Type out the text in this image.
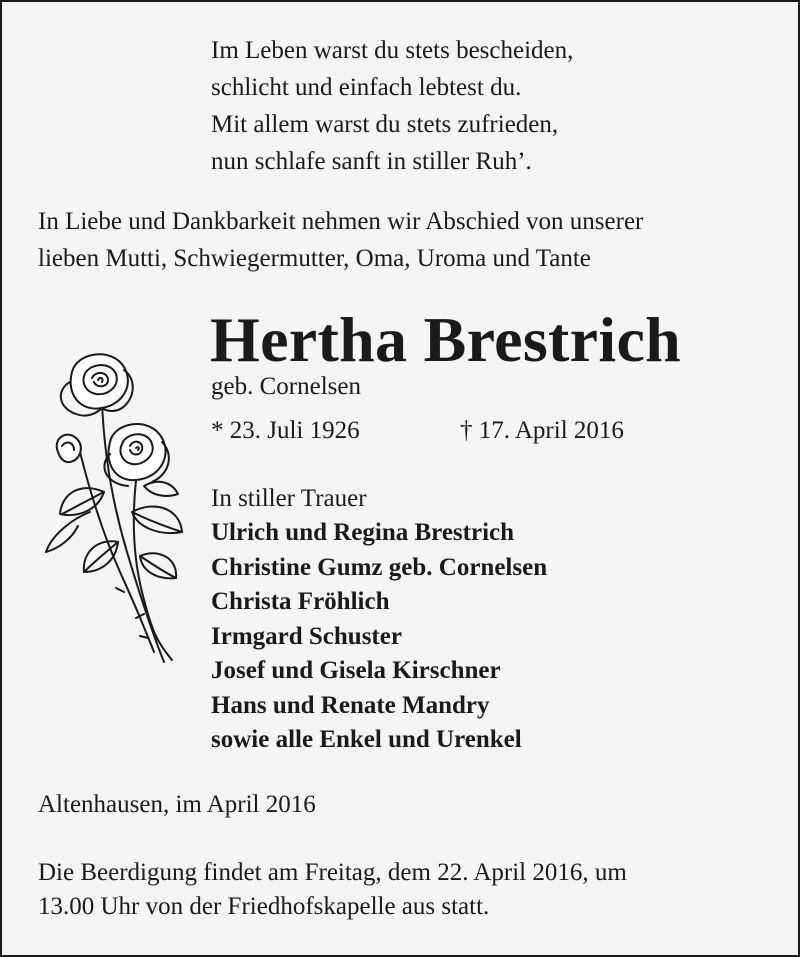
Im Leben warst du stets bescheiden,
schlicht und einfach lebtest du.
Mit allem warst du stets zufrieden,
nun schlafe sanft in stiller Ruh’.
In Liebe und Dankbarkeit nehmen wir Abschied von unserer
lieben Mutti, Schwiegermutter, Oma, Uroma und Tante
Hertha Brestrich
geb. Cornelsen
* 23. Juli 1926	† 17. April 2016
In stiller Trauer
Ulrich und Regina Brestrich
Christine Gumz geb. Cornelsen
Christa Fröhlich
Irmgard Schuster
Josef und Gisela Kirschner
Hans und Renate Mandry
sowie alle Enkel und Urenkel
Altenhausen, im April 2016
Die Beerdigung findet am Freitag, dem 22. April 2016, um
13.00 Uhr von der Friedhofskapelle aus statt.
